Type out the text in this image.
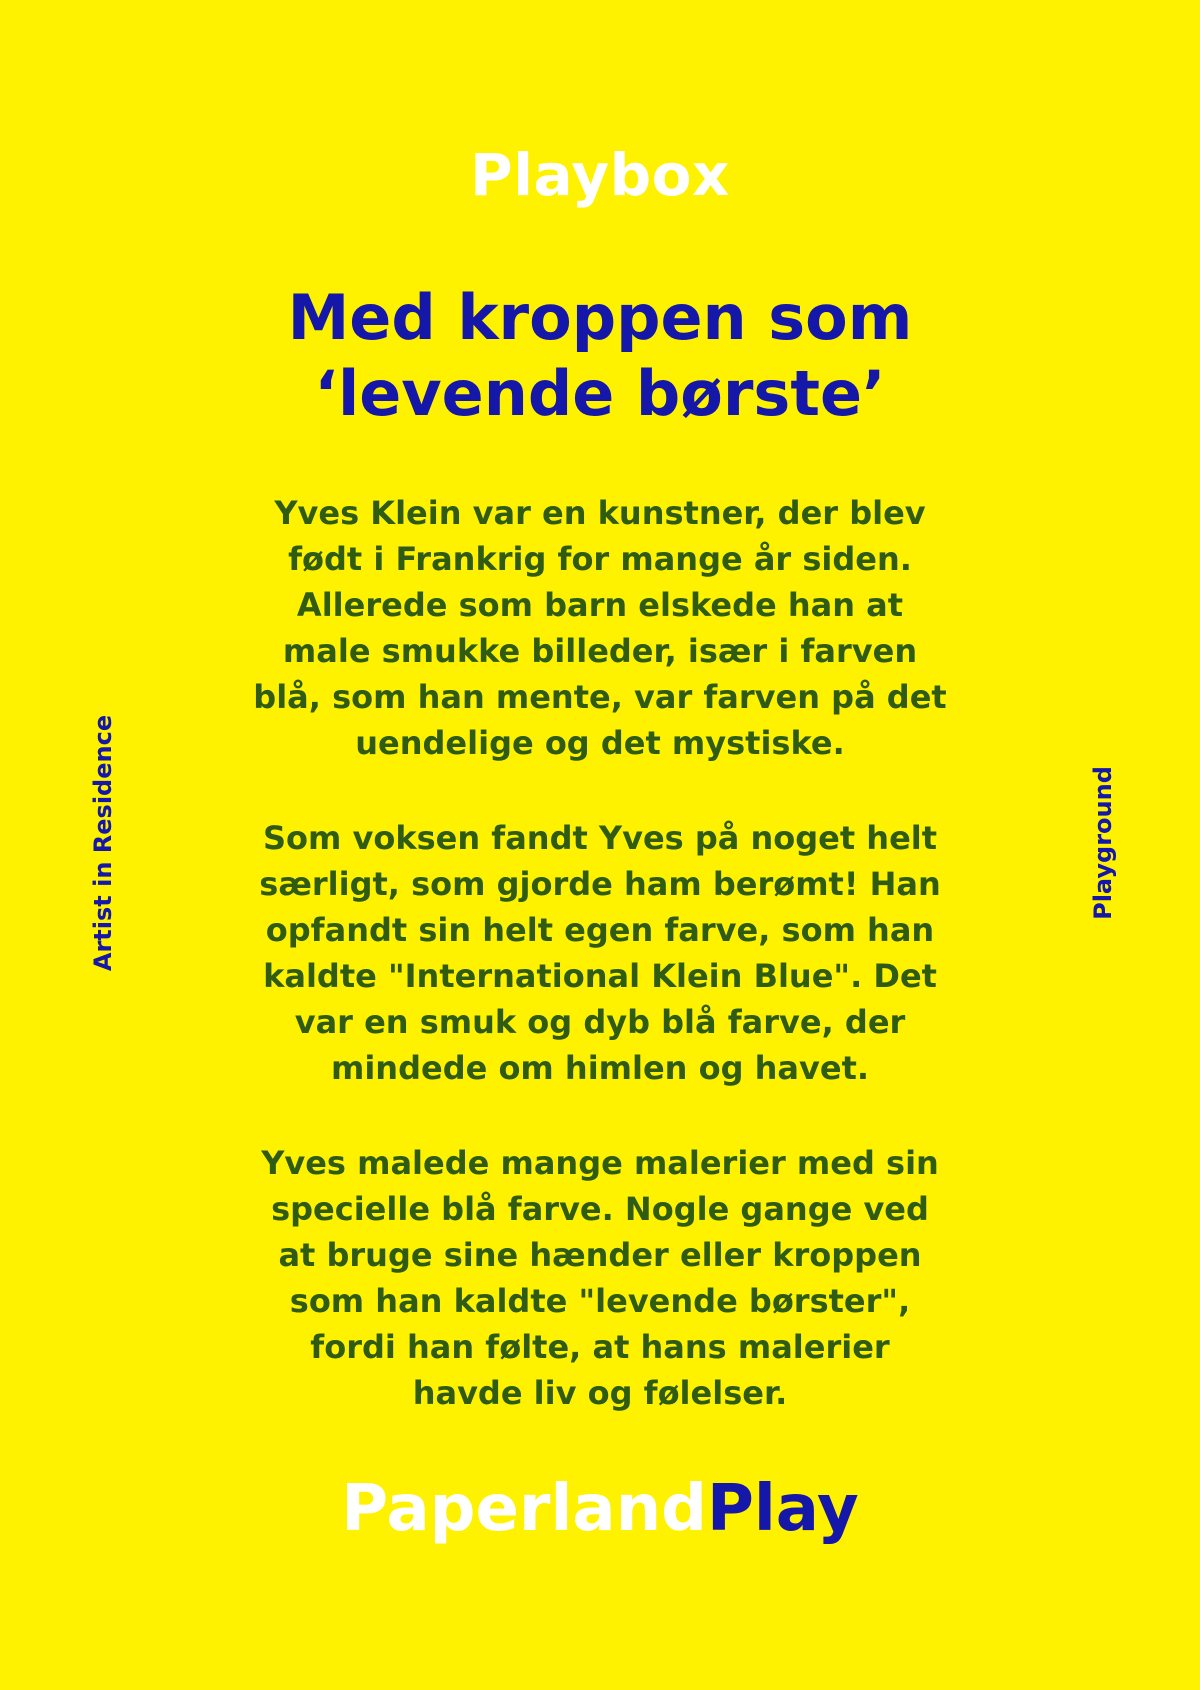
Playbox
Med kroppen som
‘levende børste’
Yves Klein var en kunstner, der blev
født i Frankrig for mange år siden.
Allerede som barn elskede han at
male smukke billeder, især i farven
blå, som han mente, var farven på det
uendelige og det mystiske.
Som voksen fandt Yves på noget helt
særligt, som gjorde ham berømt! Han
opfandt sin helt egen farve, som han
kaldte "International Klein Blue". Det
var en smuk og dyb blå farve, der
mindede om himlen og havet.
Yves malede mange malerier med sin
specielle blå farve. Nogle gange ved
at bruge sine hænder eller kroppen
som han kaldte "levende børster",
fordi han følte, at hans malerier
havde liv og følelser.
Artist in Residence	Playground
PaperlandPlay
